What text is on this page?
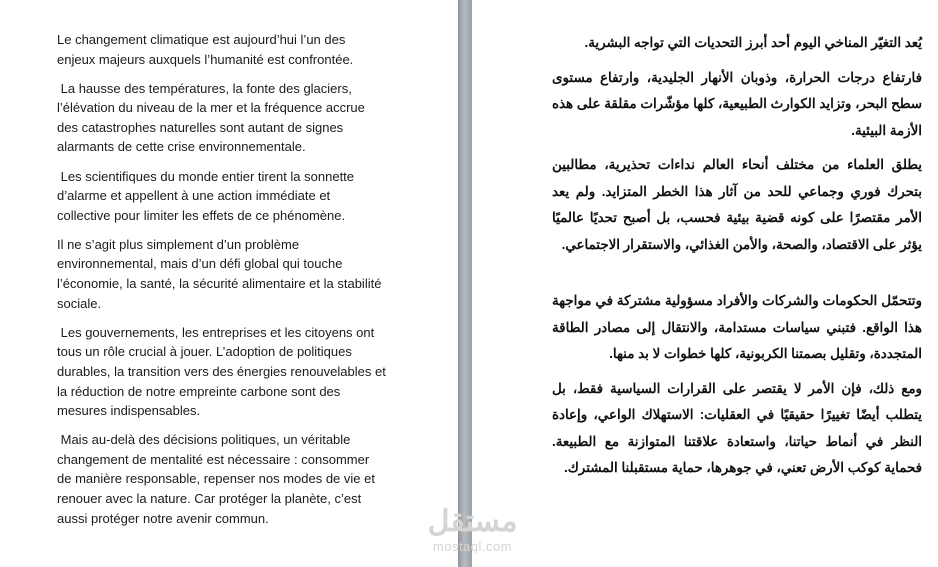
Le changement climatique est aujourd’hui l’un des enjeux majeurs auxquels l’humanité est confrontée.

La hausse des températures, la fonte des glaciers, l’élévation du niveau de la mer et la fréquence accrue des catastrophes naturelles sont autant de signes alarmants de cette crise environnementale.

Les scientifiques du monde entier tirent la sonnette d’alarme et appellent à une action immédiate et collective pour limiter les effets de ce phénomène.

Il ne s’agit plus simplement d’un problème environnemental, mais d’un défi global qui touche l’économie, la santé, la sécurité alimentaire et la stabilité sociale.

Les gouvernements, les entreprises et les citoyens ont tous un rôle crucial à jouer. L’adoption de politiques durables, la transition vers des énergies renouvelables et la réduction de notre empreinte carbone sont des mesures indispensables.

Mais au-delà des décisions politiques, un véritable changement de mentalité est nécessaire : consommer de manière responsable, repenser nos modes de vie et renouer avec la nature. Car protéger la planète, c’est aussi protéger notre avenir commun.

يُعد التغيّر المناخي اليوم أحد أبرز التحديات التي تواجه البشرية.

فارتفاع درجات الحرارة، وذوبان الأنهار الجليدية، وارتفاع مستوى سطح البحر، وتزايد الكوارث الطبيعية، كلها مؤشّرات مقلقة على هذه الأزمة البيئية.

يطلق العلماء من مختلف أنحاء العالم نداءات تحذيرية، مطالبين بتحرك فوري وجماعي للحد من آثار هذا الخطر المتزايد. ولم يعد الأمر مقتصرًا على كونه قضية بيئية فحسب، بل أصبح تحديًا عالميًا يؤثر على الاقتصاد، والصحة، والأمن الغذائي، والاستقرار الاجتماعي.

وتتحمّل الحكومات والشركات والأفراد مسؤولية مشتركة في مواجهة هذا الواقع. فتبني سياسات مستدامة، والانتقال إلى مصادر الطاقة المتجددة، وتقليل بصمتنا الكربونية، كلها خطوات لا بد منها.

ومع ذلك، فإن الأمر لا يقتصر على القرارات السياسية فقط، بل يتطلب أيضًا تغييرًا حقيقيًا في العقليات: الاستهلاك الواعي، وإعادة النظر في أنماط حياتنا، واستعادة علاقتنا المتوازنة مع الطبيعة. فحماية كوكب الأرض تعني، في جوهرها، حماية مستقبلنا المشترك.

مستقل
mostaql.com
